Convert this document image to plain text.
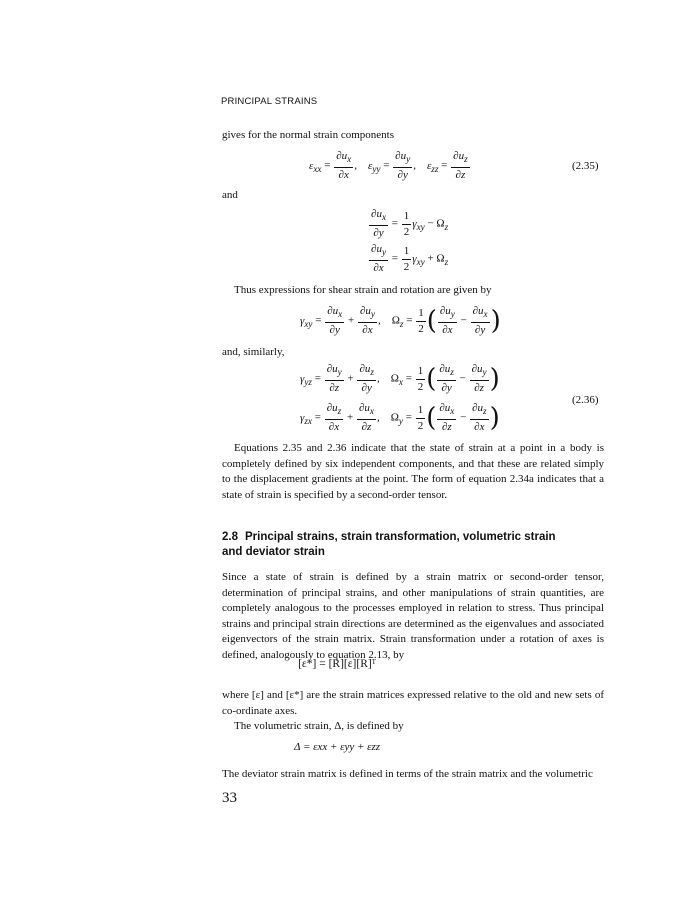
PRINCIPAL STRAINS
gives for the normal strain components
$\varepsilon_{xx} = \frac{\partial u_x}{\partial x}$ ,    $\varepsilon_{yy} = \frac{\partial u_y}{\partial y}$ ,    $\varepsilon_{zz} = \frac{\partial u_z}{\partial z}$	(2.35)
and
$\frac{\partial u_x}{\partial y} = \frac{1}{2} \gamma_{xy} - \Omega_z$
$\frac{\partial u_y}{\partial x} = \frac{1}{2} \gamma_{xy} + \Omega_z$
Thus expressions for shear strain and rotation are given by
$\gamma_{xy} = \frac{\partial u_x}{\partial y} + \frac{\partial u_y}{\partial x}$ ,    $\Omega_z = \frac{1}{2}$ ( $\frac{\partial u_y}{\partial x} - \frac{\partial u_x}{\partial y}$ )
and, similarly,
$\gamma_{yz} = \frac{\partial u_y}{\partial z} + \frac{\partial u_z}{\partial y}$ ,    $\Omega_x = \frac{1}{2}$ ( $\frac{\partial u_z}{\partial y} - \frac{\partial u_y}{\partial z}$ )
$\gamma_{zx} = \frac{\partial u_z}{\partial x} + \frac{\partial u_x}{\partial z}$ ,    $\Omega_y = \frac{1}{2}$ ( $\frac{\partial u_x}{\partial z} - \frac{\partial u_z}{\partial x}$ )
(2.36)
Equations 2.35 and 2.36 indicate that the state of strain at a point in a body is completely defined by six independent components, and that these are related simply to the displacement gradients at the point. The form of equation 2.34a indicates that a state of strain is specified by a second-order tensor.
2.8 Principal strains, strain transformation, volumetric strain
and deviator strain
Since a state of strain is defined by a strain matrix or second-order tensor, determination of principal strains, and other manipulations of strain quantities, are completely analogous to the processes employed in relation to stress. Thus principal strains and principal strain directions are determined as the eigenvalues and associated eigenvectors of the strain matrix. Strain transformation under a rotation of axes is defined, analogously to equation 2.13, by
[ε*] = [R][ε][R]ᵀ
where [ε] and [ε*] are the strain matrices expressed relative to the old and new sets of co-ordinate axes.
The volumetric strain, Δ, is defined by
Δ = εxx + εyy + εzz
The deviator strain matrix is defined in terms of the strain matrix and the volumetric
33
